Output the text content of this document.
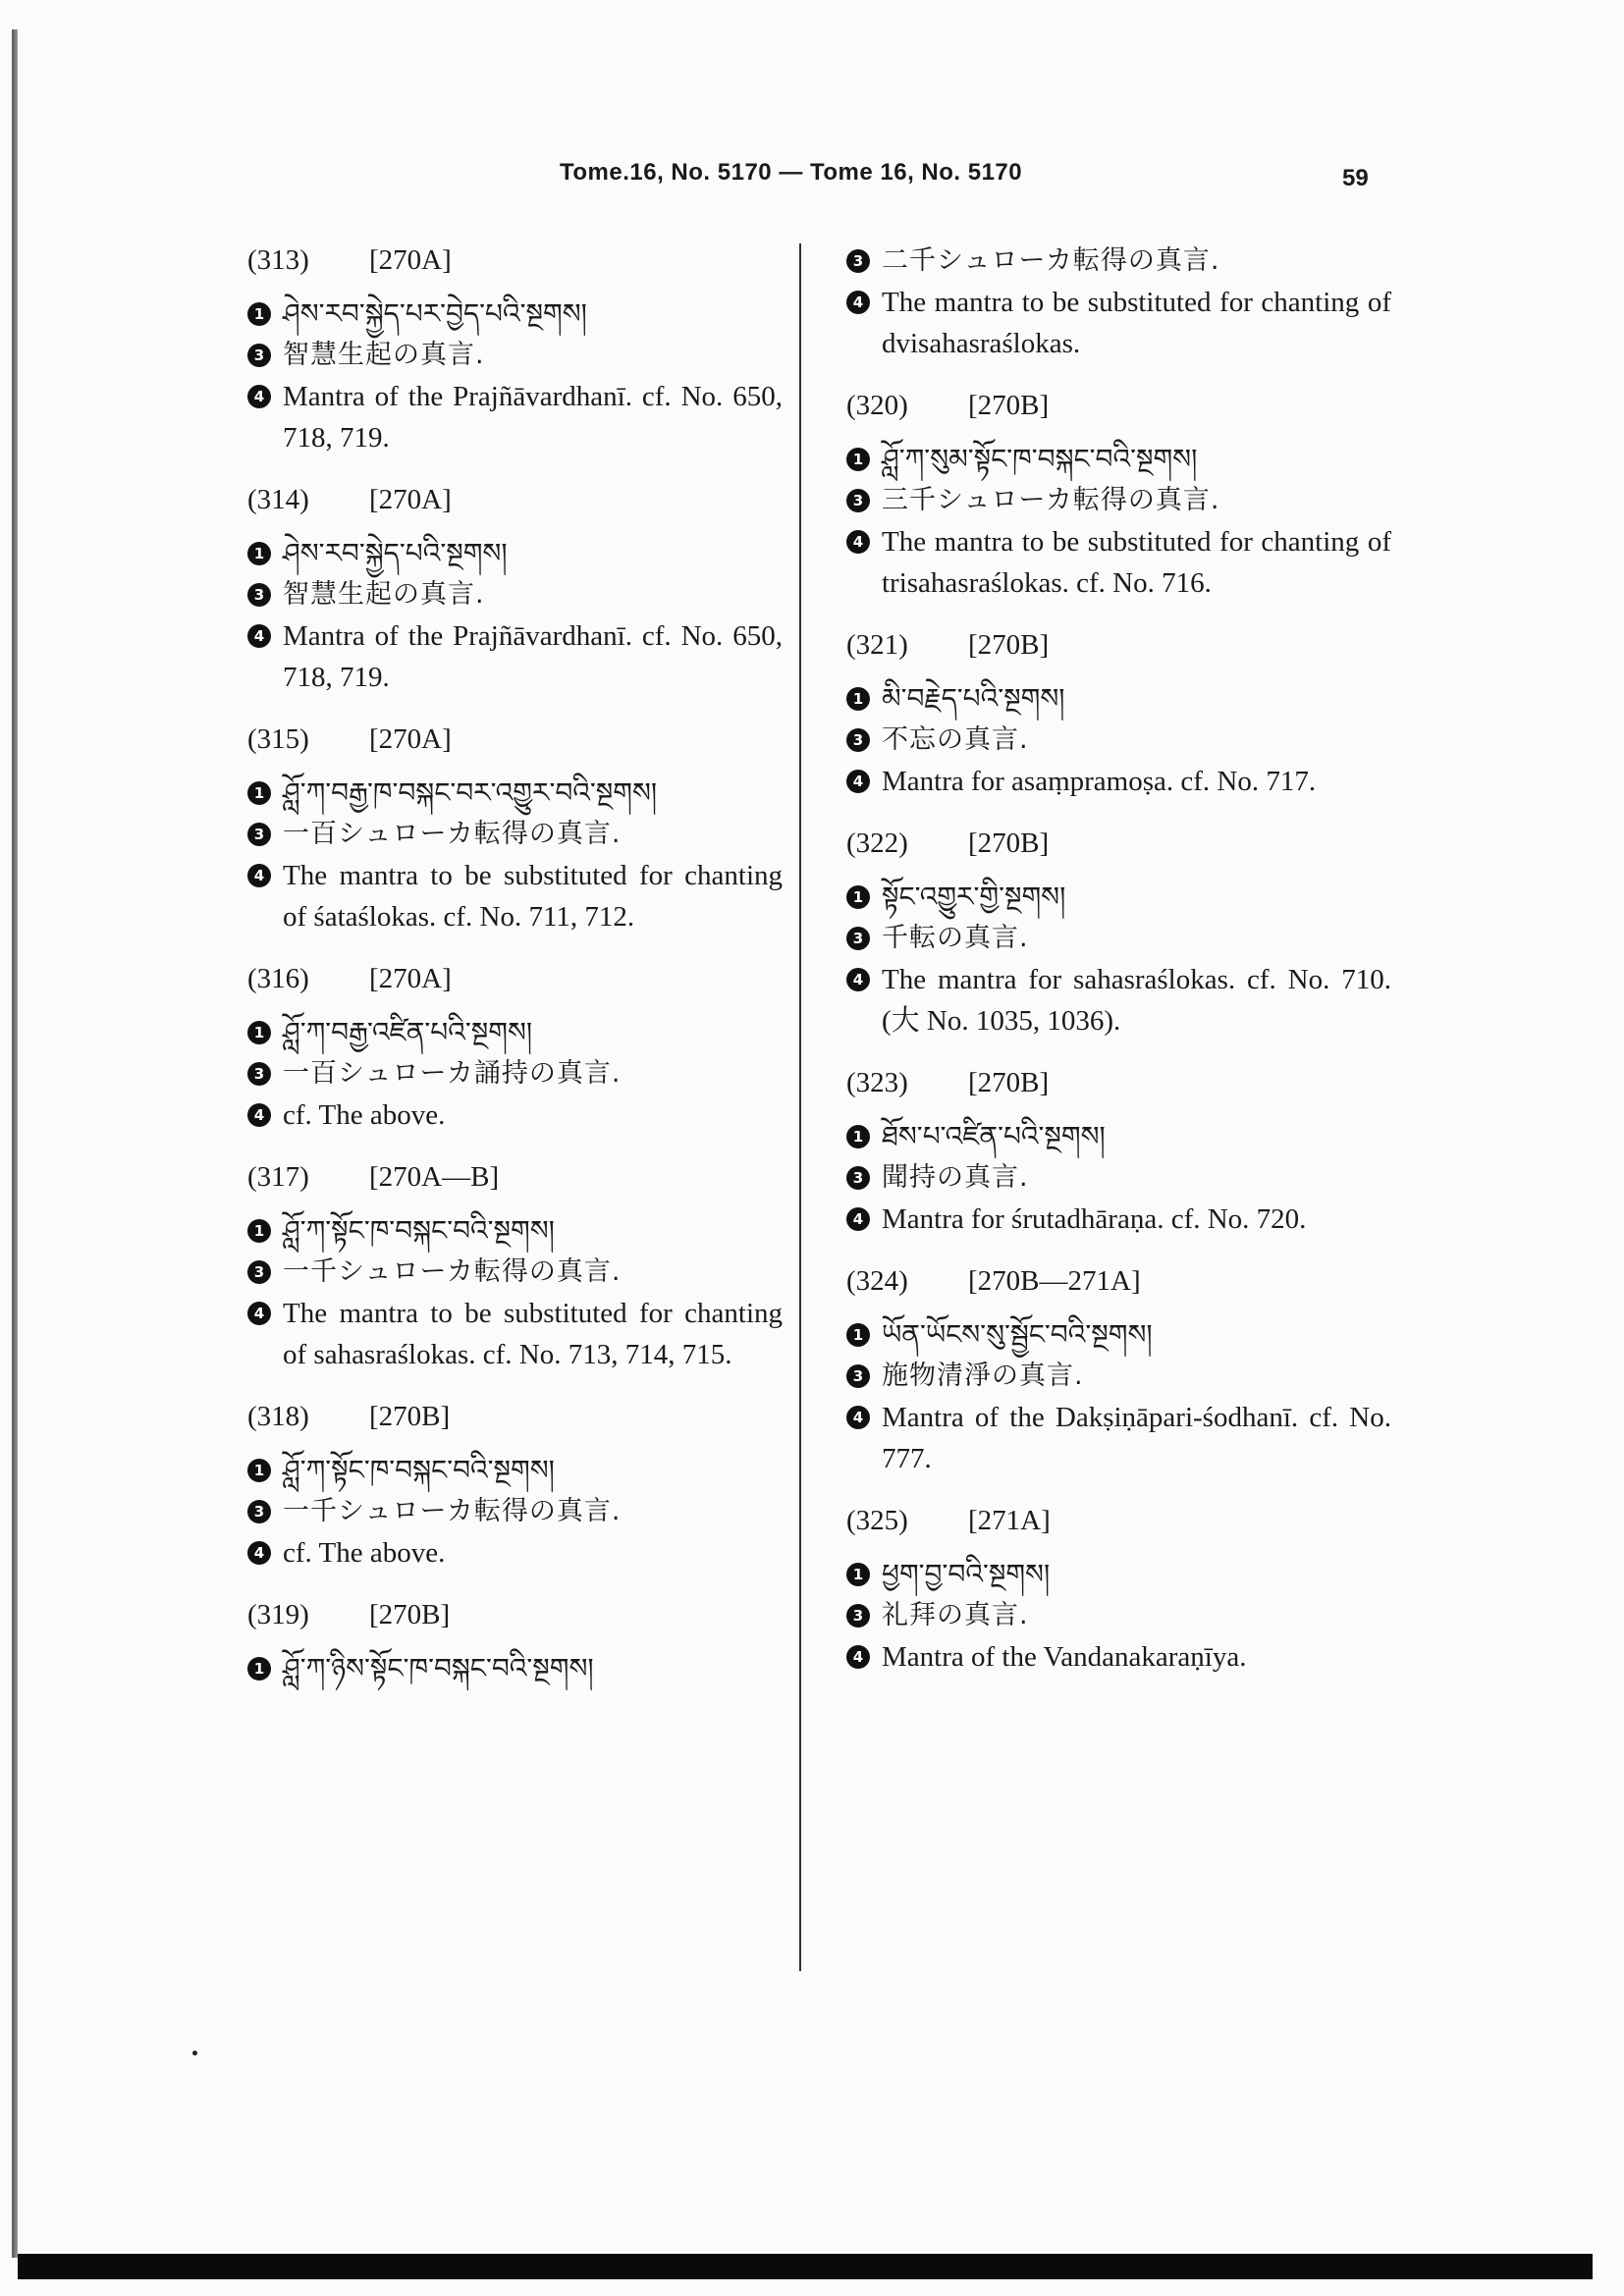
Tome.16, No. 5170 — Tome 16, No. 5170	59
(313) [270A]
1 ཤེས་རབ་སྐྱེད་པར་བྱེད་པའི་སྔགས།
3 智慧生起の真言.
4 Mantra of the Prajñāvardhanī. cf. No. 650, 718, 719.
(314) [270A]
1 ཤེས་རབ་སྐྱེད་པའི་སྔགས།
3 智慧生起の真言.
4 Mantra of the Prajñāvardhanī. cf. No. 650, 718, 719.
(315) [270A]
1 ཤློ་ཀ་བརྒྱ་ཁ་བསྐང་བར་འགྱུར་བའི་སྔགས།
3 一百シュローカ転得の真言.
4 The mantra to be substituted for chanting of śataślokas. cf. No. 711, 712.
(316) [270A]
1 ཤློ་ཀ་བརྒྱ་འཛིན་པའི་སྔགས།
3 一百シュローカ誦持の真言.
4 cf. The above.
(317) [270A—B]
1 ཤློ་ཀ་སྟོང་ཁ་བསྐང་བའི་སྔགས།
3 一千シュローカ転得の真言.
4 The mantra to be substituted for chanting of sahasraślokas. cf. No. 713, 714, 715.
(318) [270B]
1 ཤློ་ཀ་སྟོང་ཁ་བསྐང་བའི་སྔགས།
3 一千シュローカ転得の真言.
4 cf. The above.
(319) [270B]
1 ཤློ་ཀ་ཉིས་སྟོང་ཁ་བསྐང་བའི་སྔགས།
3 二千シュローカ転得の真言.
4 The mantra to be substituted for chanting of dvisahasraślokas.
(320) [270B]
1 ཤློ་ཀ་སུམ་སྟོང་ཁ་བསྐང་བའི་སྔགས།
3 三千シュローカ転得の真言.
4 The mantra to be substituted for chanting of trisahasraślokas. cf. No. 716.
(321) [270B]
1 མི་བརྗེད་པའི་སྔགས།
3 不忘の真言.
4 Mantra for asaṃpramoṣa. cf. No. 717.
(322) [270B]
1 སྟོང་འགྱུར་གྱི་སྔགས།
3 千転の真言.
4 The mantra for sahasraślokas. cf. No. 710. (大 No. 1035, 1036).
(323) [270B]
1 ཐོས་པ་འཛིན་པའི་སྔགས།
3 聞持の真言.
4 Mantra for śrutadhāraṇa. cf. No. 720.
(324) [270B—271A]
1 ཡོན་ཡོངས་སུ་སྦྱོང་བའི་སྔགས།
3 施物清淨の真言.
4 Mantra of the Dakṣiṇāpari-śodhanī. cf. No. 777.
(325) [271A]
1 ཕྱག་བྱ་བའི་སྔགས།
3 礼拜の真言.
4 Mantra of the Vandanakaraṇīya.
